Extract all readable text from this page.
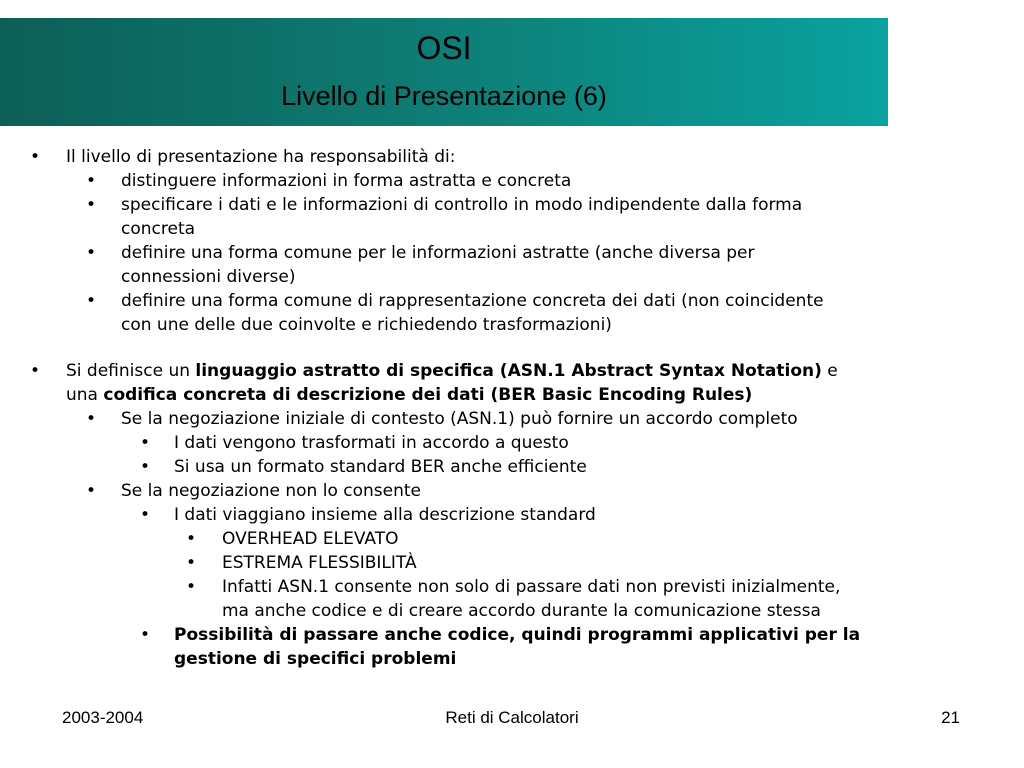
OSI
Livello di Presentazione (6)
• Il livello di presentazione ha responsabilità di:

• distinguere informazioni in forma astratta e concreta

• specificare i dati e le informazioni di controllo in modo indipendente dalla forma

concreta

• definire una forma comune per le informazioni astratte (anche diversa per

connessioni diverse)

• definire una forma comune di rappresentazione concreta dei dati (non coincidente

con une delle due coinvolte e richiedendo trasformazioni)

• Si definisce un linguaggio astratto di specifica (ASN.1 Abstract Syntax Notation) e

una codifica concreta di descrizione dei dati (BER Basic Encoding Rules)

• Se la negoziazione iniziale di contesto (ASN.1) può fornire un accordo completo

• I dati vengono trasformati in accordo a questo

• Si usa un formato standard BER anche efficiente

• Se la negoziazione non lo consente

• I dati viaggiano insieme alla descrizione standard

• OVERHEAD ELEVATO

• ESTREMA FLESSIBILITÀ

• Infatti ASN.1 consente non solo di passare dati non previsti inizialmente,

ma anche codice e di creare accordo durante la comunicazione stessa

• Possibilità di passare anche codice, quindi programmi applicativi per la

gestione di specifici problemi

2003-2004	Reti di Calcolatori	21
